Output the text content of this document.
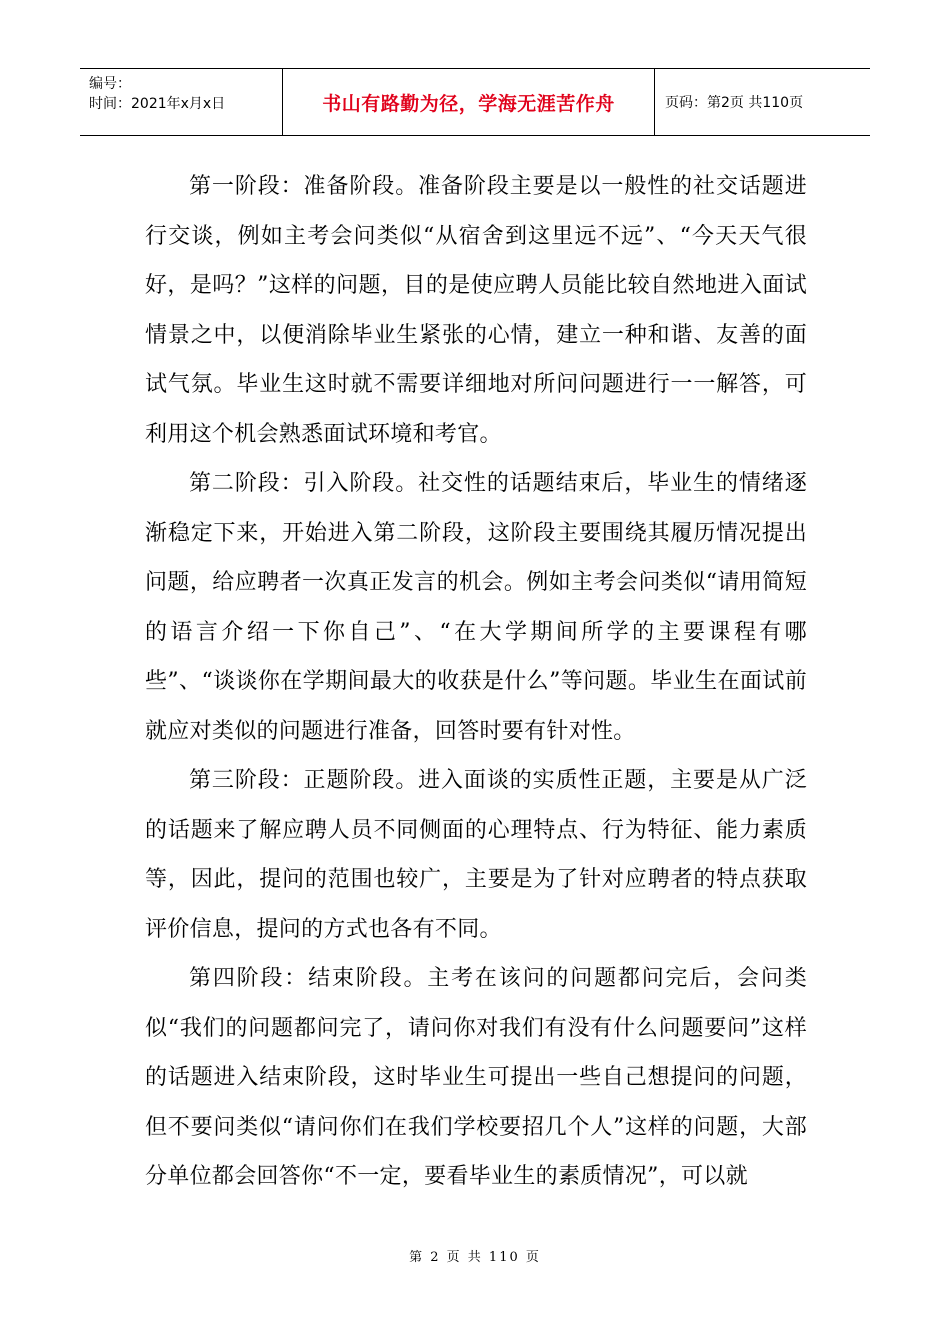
编号：
时间：2021年x月x日	书山有路勤为径，学海无涯苦作舟	页码：第2页 共110页

第一阶段：准备阶段。准备阶段主要是以一般性的社交话题进行交谈，例如主考会问类似“从宿舍到这里远不远”、“今天天气很好，是吗？”这样的问题，目的是使应聘人员能比较自然地进入面试情景之中，以便消除毕业生紧张的心情，建立一种和谐、友善的面试气氛。毕业生这时就不需要详细地对所问问题进行一一解答，可利用这个机会熟悉面试环境和考官。

第二阶段：引入阶段。社交性的话题结束后，毕业生的情绪逐渐稳定下来，开始进入第二阶段，这阶段主要围绕其履历情况提出问题，给应聘者一次真正发言的机会。例如主考会问类似“请用简短的语言介绍一下你自己”、“在大学期间所学的主要课程有哪些”、“谈谈你在学期间最大的收获是什么”等问题。毕业生在面试前就应对类似的问题进行准备，回答时要有针对性。

第三阶段：正题阶段。进入面谈的实质性正题，主要是从广泛的话题来了解应聘人员不同侧面的心理特点、行为特征、能力素质等，因此，提问的范围也较广，主要是为了针对应聘者的特点获取评价信息，提问的方式也各有不同。

第四阶段：结束阶段。主考在该问的问题都问完后，会问类似“我们的问题都问完了，请问你对我们有没有什么问题要问”这样的话题进入结束阶段，这时毕业生可提出一些自己想提问的问题，但不要问类似“请问你们在我们学校要招几个人”这样的问题，大部分单位都会回答你“不一定，要看毕业生的素质情况”，可以就

第 2 页 共 110 页
